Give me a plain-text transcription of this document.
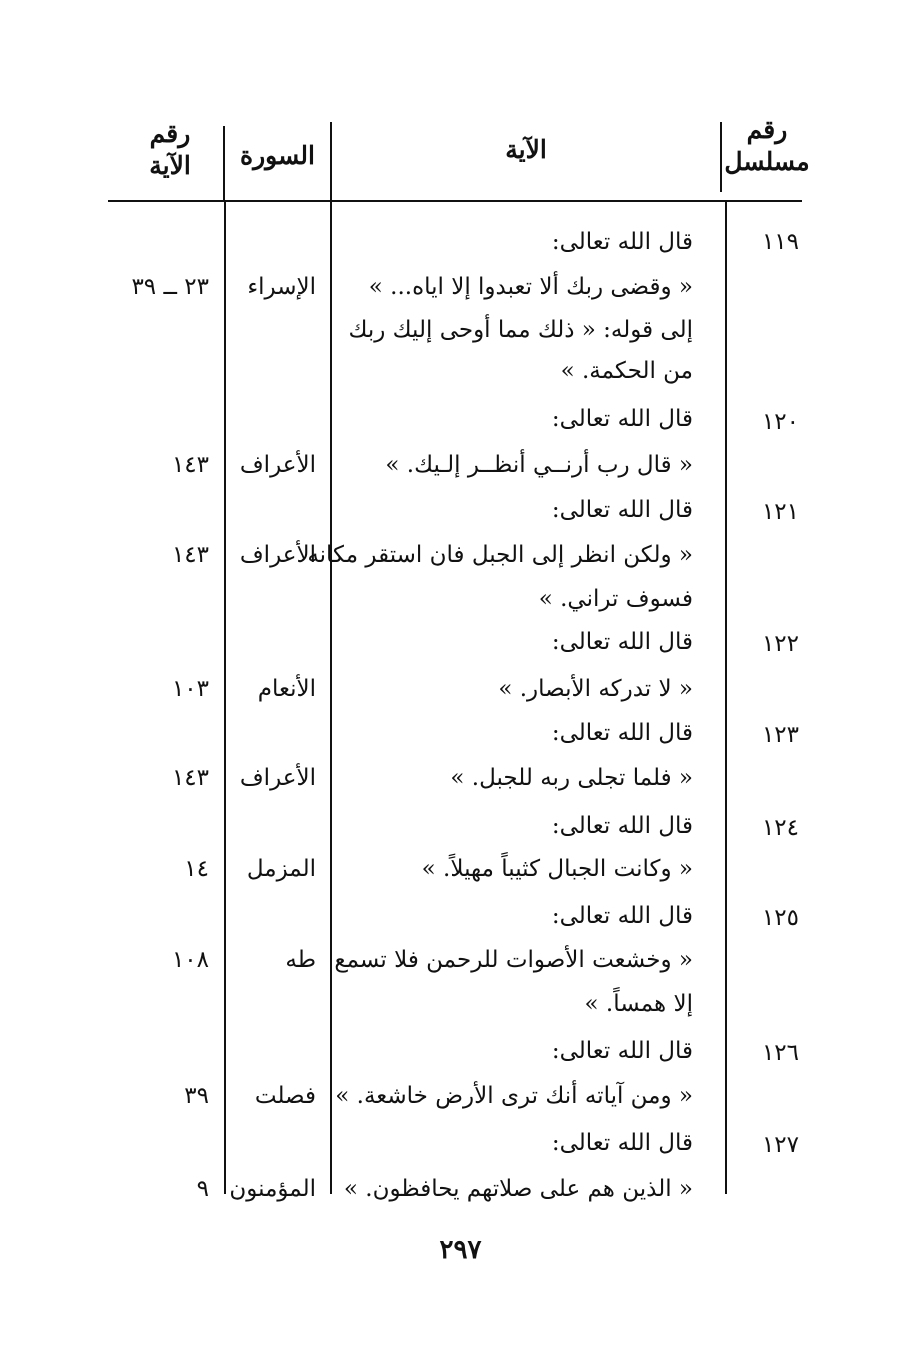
رقم
مسلسل
الآية
السورة
رقم
الآية
١١٩
قال الله تعالى:
« وقضى ربك ألا تعبدوا إلا اياه... »
إلى قوله: « ذلك مما أوحى إليك ربك
من الحكمة. »
الإسراء
٢٣ ــ ٣٩
١٢٠
قال الله تعالى:
« قال رب أرنــي أنظــر إلـيك. »
الأعراف
١٤٣
١٢١
قال الله تعالى:
« ولكن انظر إلى الجبل فان استقر مكانه
فسوف تراني. »
الأعراف
١٤٣
١٢٢
قال الله تعالى:
« لا تدركه الأبصار. »
الأنعام
١٠٣
١٢٣
قال الله تعالى:
« فلما تجلى ربه للجبل. »
الأعراف
١٤٣
١٢٤
قال الله تعالى:
« وكانت الجبال كثيباً مهيلاً. »
المزمل
١٤
١٢٥
قال الله تعالى:
« وخشعت الأصوات للرحمن فلا تسمع
إلا همساً. »
طه
١٠٨
١٢٦
قال الله تعالى:
« ومن آياته أنك ترى الأرض خاشعة. »
فصلت
٣٩
١٢٧
قال الله تعالى:
« الذين هم على صلاتهم يحافظون. »
المؤمنون
٩
٢٩٧
